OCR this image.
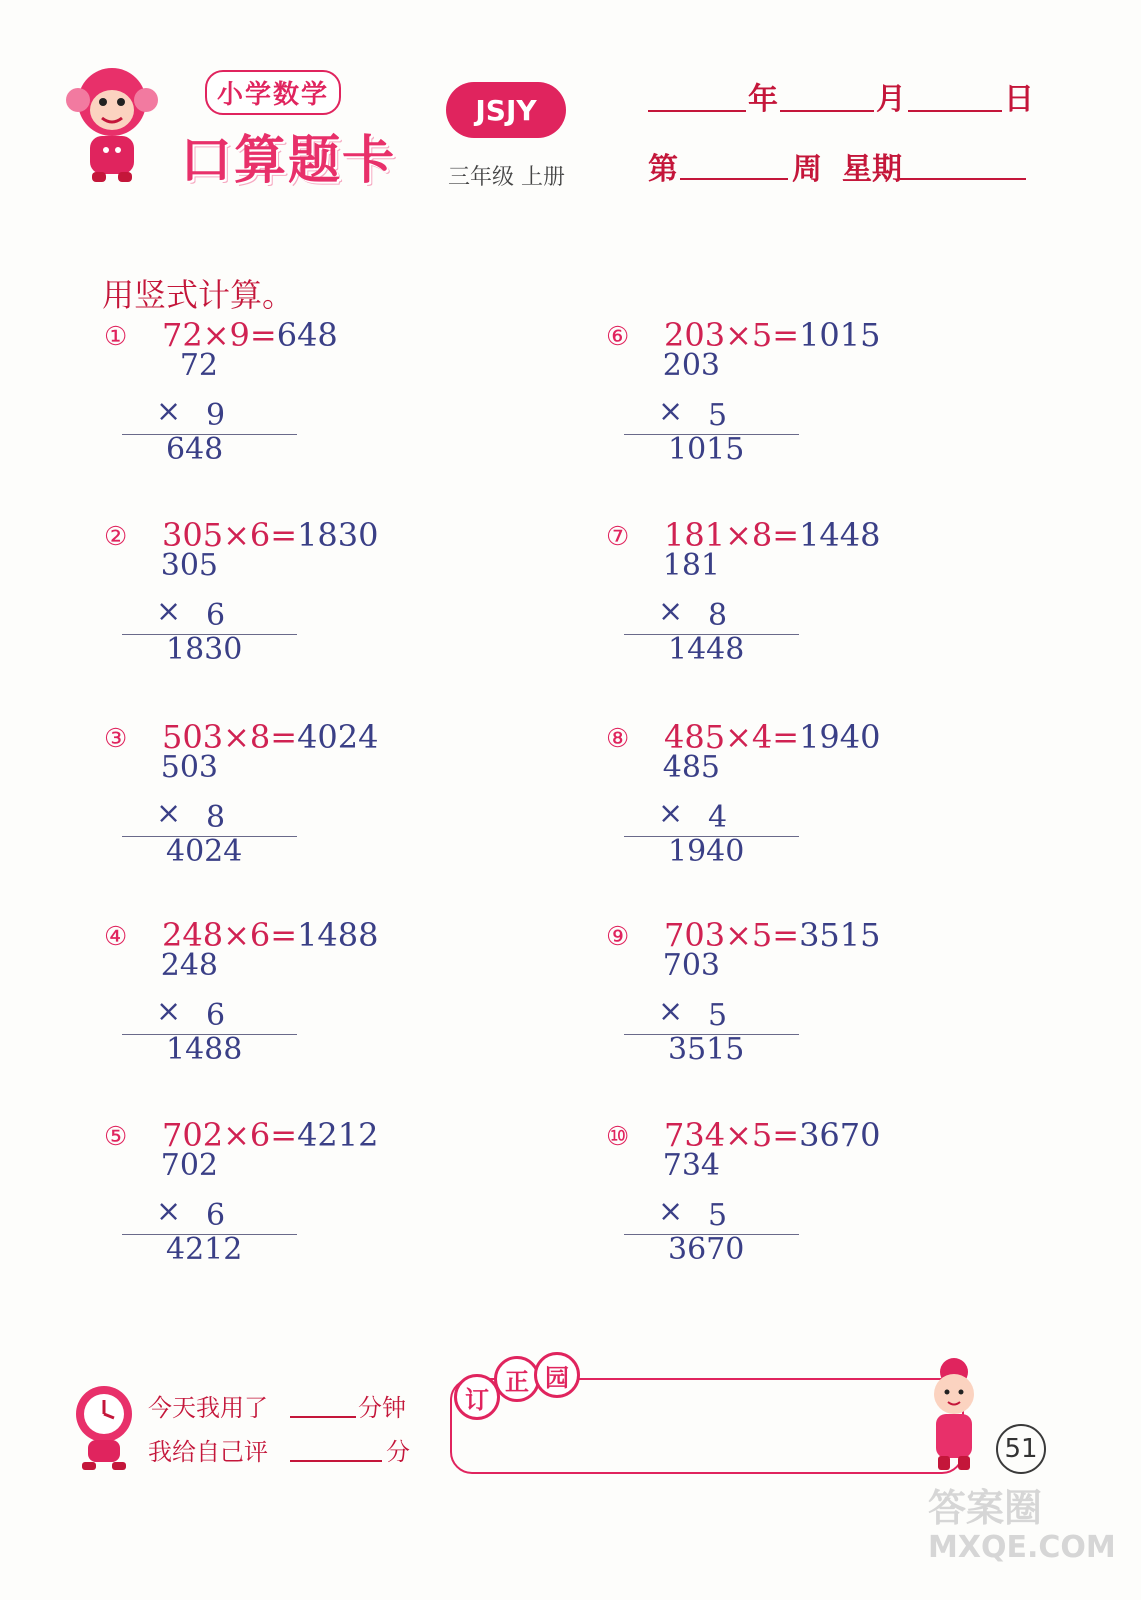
小学数学
口算题卡
JSJY
三年级 上册
年	月	日
第	周 星期
用竖式计算。
① 72×9=648
72
× 9
648
② 305×6=1830
305
× 6
1830
③ 503×8=4024
503
× 8
4024
④ 248×6=1488
248
× 6
1488
⑤ 702×6=4212
702
× 6
4212
⑥ 203×5=1015
203
× 5
1015
⑦ 181×8=1448
181
× 8
1448
⑧ 485×4=1940
485
× 4
1940
⑨ 703×5=3515
703
× 5
3515
⑩ 734×5=3670
734
× 5
3670
今天我用了	分钟
我给自己评	分
订
正 园
51
答案圈
MXQE.COM
